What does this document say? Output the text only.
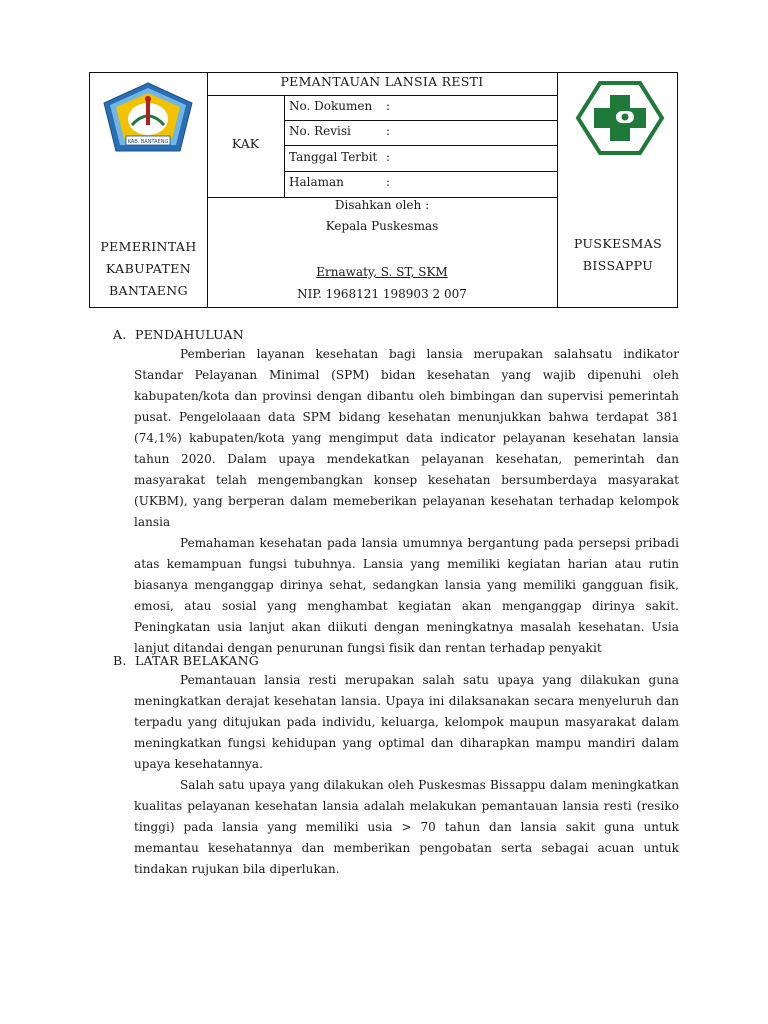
KAB. BANTAENG
PEMERINTAH
KABUPATEN
BANTAENG
PEMANTAUAN LANSIA RESTI
KAK
No. Dokumen :
No. Revisi	:
Tanggal Terbit :
Halaman	:
Disahkan oleh :
Kepala Puskesmas
Ernawaty, S. ST, SKM
NIP. 1968121 198903 2 007
PUSKESMAS
BISSAPPU
A. PENDAHULUAN

Pemberian layanan kesehatan bagi lansia merupakan salahsatu indikator Standar Pelayanan Minimal (SPM) bidan kesehatan yang wajib dipenuhi oleh kabupaten/kota dan provinsi dengan dibantu oleh bimbingan dan supervisi pemerintah pusat. Pengelolaaan data SPM bidang kesehatan menunjukkan bahwa terdapat 381 (74,1%) kabupaten/kota yang mengimput data indicator pelayanan kesehatan lansia tahun 2020. Dalam upaya mendekatkan pelayanan kesehatan, pemerintah dan masyarakat telah mengembangkan konsep kesehatan bersumberdaya masyarakat (UKBM), yang berperan dalam memeberikan pelayanan kesehatan terhadap kelompok lansia

Pemahaman kesehatan pada lansia umumnya bergantung pada persepsi pribadi atas kemampuan fungsi tubuhnya. Lansia yang memiliki kegiatan harian atau rutin biasanya menganggap dirinya sehat, sedangkan lansia yang memiliki gangguan fisik, emosi, atau sosial yang menghambat kegiatan akan menganggap dirinya sakit. Peningkatan usia lanjut akan diikuti dengan meningkatnya masalah kesehatan. Usia lanjut ditandai dengan penurunan fungsi fisik dan rentan terhadap penyakit

B. LATAR BELAKANG

Pemantauan lansia resti merupakan salah satu upaya yang dilakukan guna meningkatkan derajat kesehatan lansia. Upaya ini dilaksanakan secara menyeluruh dan terpadu yang ditujukan pada individu, keluarga, kelompok maupun masyarakat dalam meningkatkan fungsi kehidupan yang optimal dan diharapkan mampu mandiri dalam upaya kesehatannya.

Salah satu upaya yang dilakukan oleh Puskesmas Bissappu dalam meningkatkan kualitas pelayanan kesehatan lansia adalah melakukan pemantauan lansia resti (resiko tinggi) pada lansia yang memiliki usia > 70 tahun dan lansia sakit guna untuk memantau kesehatannya dan memberikan pengobatan serta sebagai acuan untuk tindakan rujukan bila diperlukan.
